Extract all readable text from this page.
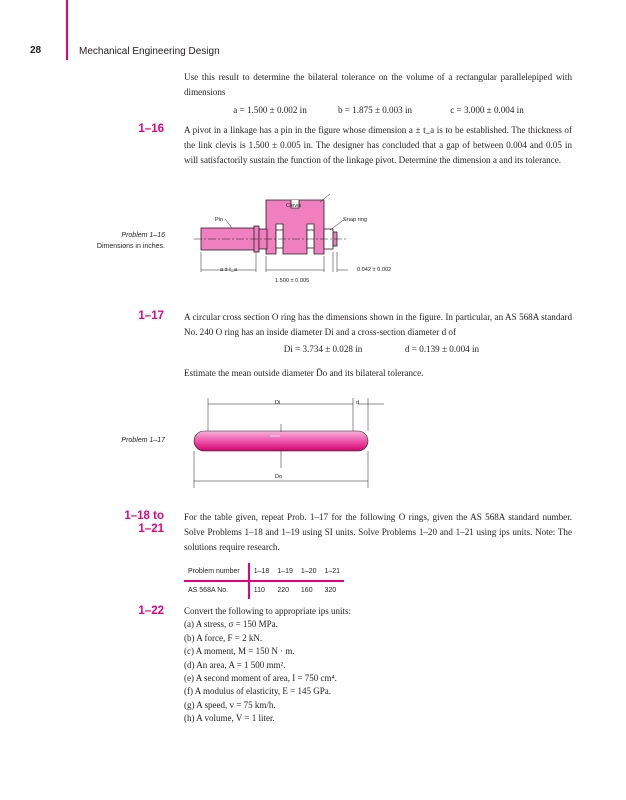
28	Mechanical Engineering Design
Use this result to determine the bilateral tolerance on the volume of a rectangular parallelepiped with dimensions
a = 1.500 ± 0.002 in	b = 1.875 ± 0.003 in	c = 3.000 ± 0.004 in
1–16 A pivot in a linkage has a pin in the figure whose dimension a ± t_a is to be established. The thickness of the link clevis is 1.500 ± 0.005 in. The designer has concluded that a gap of between 0.004 and 0.05 in will satisfactorily sustain the function of the linkage pivot. Determine the dimension a and its tolerance.
Problem 1–16
Dimensions in inches.
Clevis
Pin	Snap ring
a ± t_a
1.500 ± 0.005
0.042 ± 0.002
1–17 A circular cross section O ring has the dimensions shown in the figure. In particular, an AS 568A standard No. 240 O ring has an inside diameter Di and a cross-section diameter d of
Di = 3.734 ± 0.028 in	d = 0.139 ± 0.004 in
Estimate the mean outside diameter D̄o and its bilateral tolerance.
Problem 1–17
Di	d
Do
1–18 to
1–21
For the table given, repeat Prob. 1–17 for the following O rings, given the AS 568A standard number. Solve Problems 1–18 and 1–19 using SI units. Solve Problems 1–20 and 1–21 using ips units. Note: The solutions require research.
Problem number	1–18	1–19	1–20	1–21
AS 568A No.	110	220	160	320
1–22 Convert the following to appropriate ips units:
(a) A stress, σ = 150 MPa.
(b) A force, F = 2 kN.
(c) A moment, M = 150 N · m.
(d) An area, A = 1 500 mm².
(e) A second moment of area, I = 750 cm⁴.
(f) A modulus of elasticity, E = 145 GPa.
(g) A speed, v = 75 km/h.
(h) A volume, V = 1 liter.
